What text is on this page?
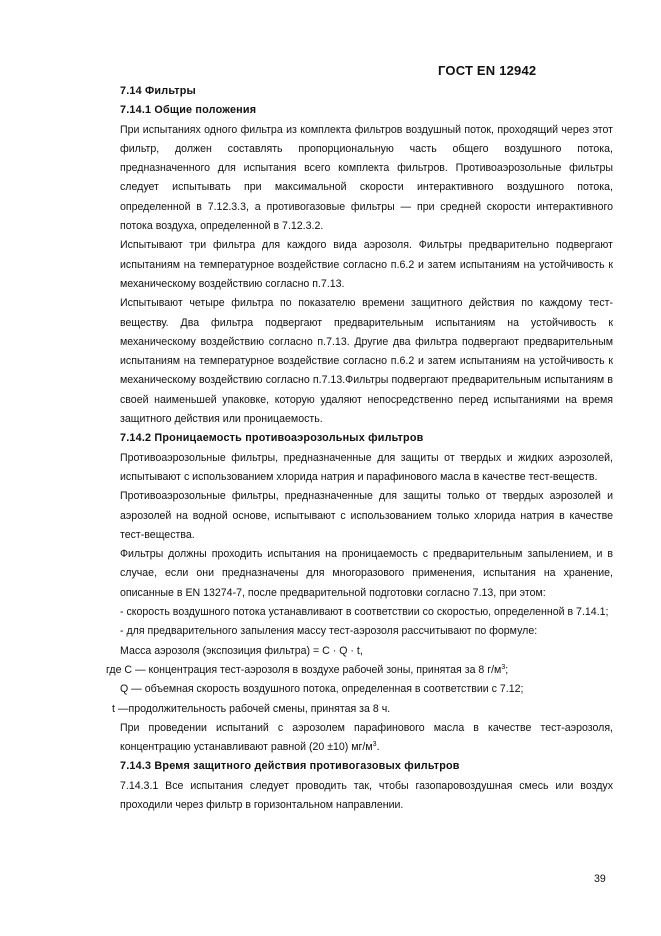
ГОСТ EN 12942

7.14 Фильтры

7.14.1 Общие положения

При испытаниях одного фильтра из комплекта фильтров воздушный поток, проходящий через этот фильтр, должен составлять пропорциональную часть общего воздушного потока, предназначенного для испытания всего комплекта фильтров. Противоаэрозольные фильтры следует испытывать при максимальной скорости интерактивного воздушного потока, определенной в 7.12.3.3, а противогазовые фильтры — при средней скорости интерактивного потока воздуха, определенной в 7.12.3.2.

Испытывают три фильтра для каждого вида аэрозоля. Фильтры предварительно подвергают испытаниям на температурное воздействие согласно п.6.2 и затем испытаниям на устойчивость к механическому воздействию согласно п.7.13.

Испытывают четыре фильтра по показателю времени защитного действия по каждому тест-веществу. Два фильтра подвергают предварительным испытаниям на устойчивость к механическому воздействию согласно п.7.13. Другие два фильтра подвергают предварительным испытаниям на температурное воздействие согласно п.6.2 и затем испытаниям на устойчивость к механическому воздействию согласно п.7.13.Фильтры подвергают предварительным испытаниям в своей наименьшей упаковке, которую удаляют непосредственно перед испытаниями на время защитного действия или проницаемость.

7.14.2 Проницаемость противоаэрозольных фильтров

Противоаэрозольные фильтры, предназначенные для защиты от твердых и жидких аэрозолей, испытывают с использованием хлорида натрия и парафинового масла в качестве тест-веществ.

Противоаэрозольные фильтры, предназначенные для защиты только от твердых аэрозолей и аэрозолей на водной основе, испытывают с использованием только хлорида натрия в качестве тест-вещества.

Фильтры должны проходить испытания на проницаемость с предварительным запылением, и в случае, если они предназначены для многоразового применения, испытания на хранение, описанные в EN 13274-7, после предварительной подготовки согласно 7.13, при этом:

- скорость воздушного потока устанавливают в соответствии со скоростью, определенной в 7.14.1;

- для предварительного запыления массу тест-аэрозоля рассчитывают по формуле:

Масса аэрозоля (экспозиция фильтра) = C · Q · t,

где C — концентрация тест-аэрозоля в воздухе рабочей зоны, принятая за 8 $г/м^3$;

Q — объемная скорость воздушного потока, определенная в соответствии с 7.12;

t —продолжительность рабочей смены, принятая за 8 ч.

При проведении испытаний с аэрозолем парафинового масла в качестве тест-аэрозоля, концентрацию устанавливают равной (20 ±10) $мг/м^3$.

7.14.3 Время защитного действия противогазовых фильтров

7.14.3.1 Все испытания следует проводить так, чтобы газопаровоздушная смесь или воздух проходили через фильтр в горизонтальном направлении.

39
